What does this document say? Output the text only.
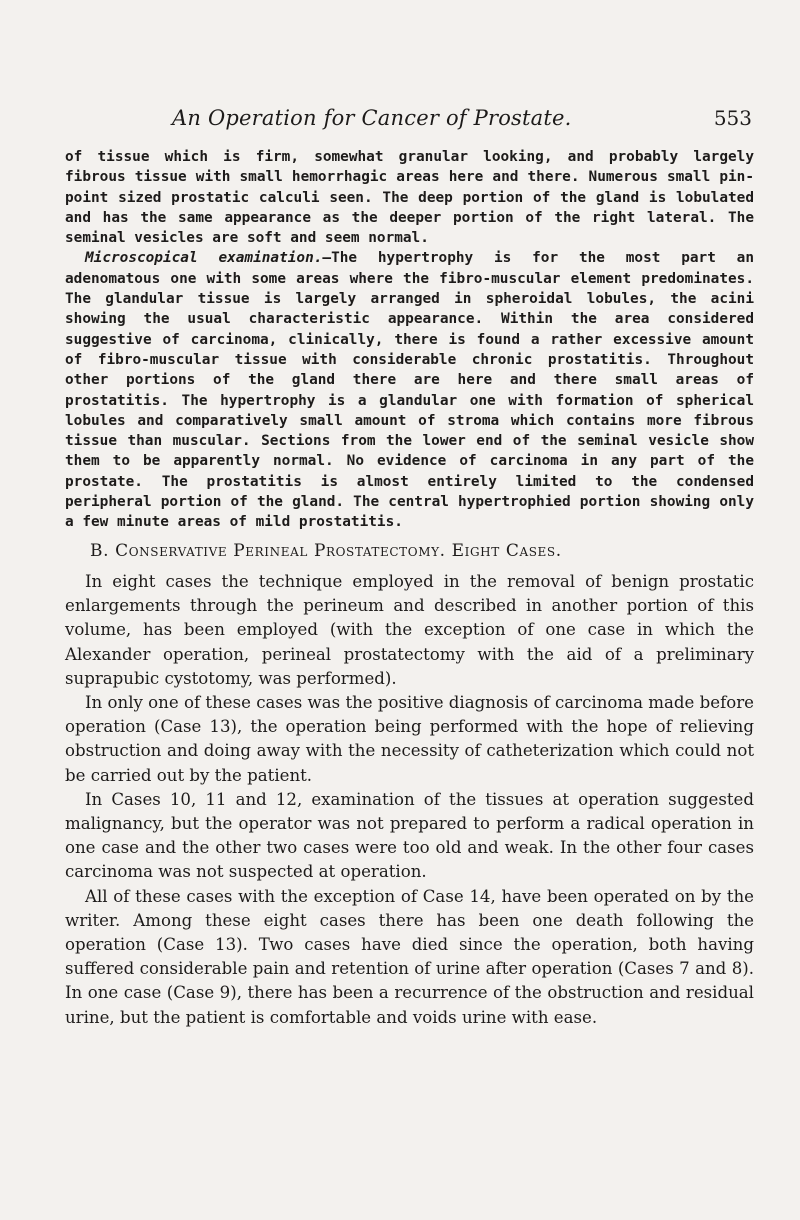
An Operation for Cancer of Prostate.	553

of tissue which is firm, somewhat granular looking, and probably largely fibrous tissue with small hemorrhagic areas here and there. Numerous small pin-point sized prostatic calculi seen. The deep portion of the gland is lobulated and has the same appearance as the deeper portion of the right lateral. The seminal vesicles are soft and seem normal.

Microscopical examination.—The hypertrophy is for the most part an adenomatous one with some areas where the fibro-muscular element predominates. The glandular tissue is largely arranged in spheroidal lobules, the acini showing the usual characteristic appearance. Within the area considered suggestive of carcinoma, clinically, there is found a rather excessive amount of fibro-muscular tissue with considerable chronic prostatitis. Throughout other portions of the gland there are here and there small areas of prostatitis. The hypertrophy is a glandular one with formation of spherical lobules and comparatively small amount of stroma which contains more fibrous tissue than muscular. Sections from the lower end of the seminal vesicle show them to be apparently normal. No evidence of carcinoma in any part of the prostate. The prostatitis is almost entirely limited to the condensed peripheral portion of the gland. The central hypertrophied portion showing only a few minute areas of mild prostatitis.

B. Conservative Perineal Prostatectomy. Eight Cases.

In eight cases the technique employed in the removal of benign prostatic enlargements through the perineum and described in another portion of this volume, has been employed (with the exception of one case in which the Alexander operation, perineal prostatectomy with the aid of a preliminary suprapubic cystotomy, was performed).

In only one of these cases was the positive diagnosis of carcinoma made before operation (Case 13), the operation being performed with the hope of relieving obstruction and doing away with the necessity of catheterization which could not be carried out by the patient.

In Cases 10, 11 and 12, examination of the tissues at operation suggested malignancy, but the operator was not prepared to perform a radical operation in one case and the other two cases were too old and weak. In the other four cases carcinoma was not suspected at operation.

All of these cases with the exception of Case 14, have been operated on by the writer. Among these eight cases there has been one death following the operation (Case 13). Two cases have died since the operation, both having suffered considerable pain and retention of urine after operation (Cases 7 and 8). In one case (Case 9), there has been a recurrence of the obstruction and residual urine, but the patient is comfortable and voids urine with ease.
